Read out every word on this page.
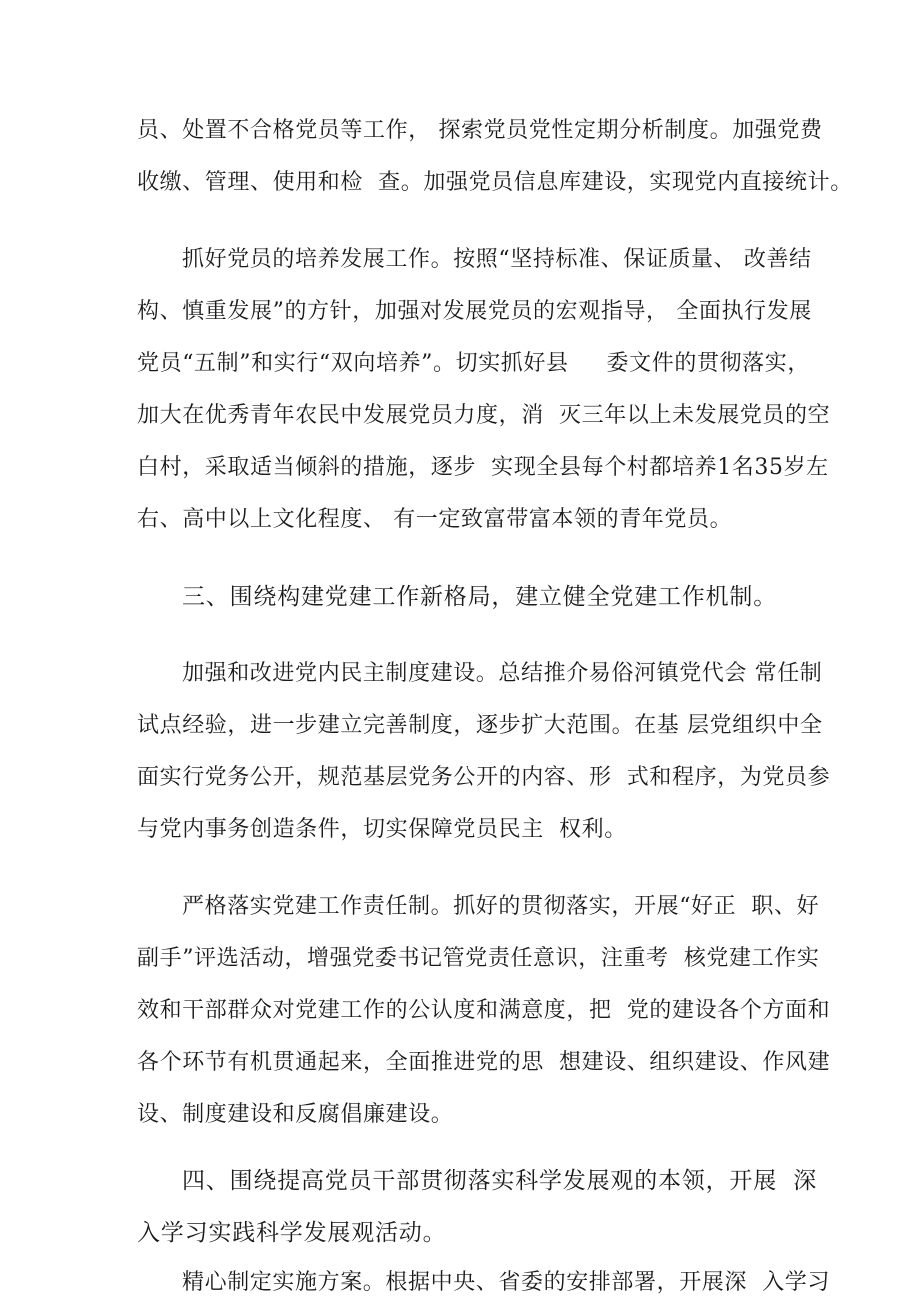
员、处置不合格党员等工作， 探索党员党性定期分析制度。加强党费

收缴、管理、使用和检  查。加强党员信息库建设，实现党内直接统计。

抓好党员的培养发展工作。按照“坚持标准、保证质量、 改善结

构、慎重发展”的方针，加强对发展党员的宏观指导， 全面执行发展

党员“五制”和实行“双向培养”。切实抓好县     委文件的贯彻落实，

加大在优秀青年农民中发展党员力度，消  灭三年以上未发展党员的空

白村，采取适当倾斜的措施，逐步  实现全县每个村都培养1名35岁左

右、高中以上文化程度、 有一定致富带富本领的青年党员。

三、围绕构建党建工作新格局，建立健全党建工作机制。

加强和改进党内民主制度建设。总结推介易俗河镇党代会 常任制

试点经验，进一步建立完善制度，逐步扩大范围。在基 层党组织中全

面实行党务公开，规范基层党务公开的内容、形  式和程序，为党员参

与党内事务创造条件，切实保障党员民主  权利。

严格落实党建工作责任制。抓好的贯彻落实，开展“好正  职、好

副手”评选活动，增强党委书记管党责任意识，注重考  核党建工作实

效和干部群众对党建工作的公认度和满意度，把  党的建设各个方面和

各个环节有机贯通起来，全面推进党的思  想建设、组织建设、作风建

设、制度建设和反腐倡廉建设。

四、围绕提高党员干部贯彻落实科学发展观的本领，开展  深

入学习实践科学发展观活动。

精心制定实施方案。根据中央、省委的安排部署，开展深  入学习
